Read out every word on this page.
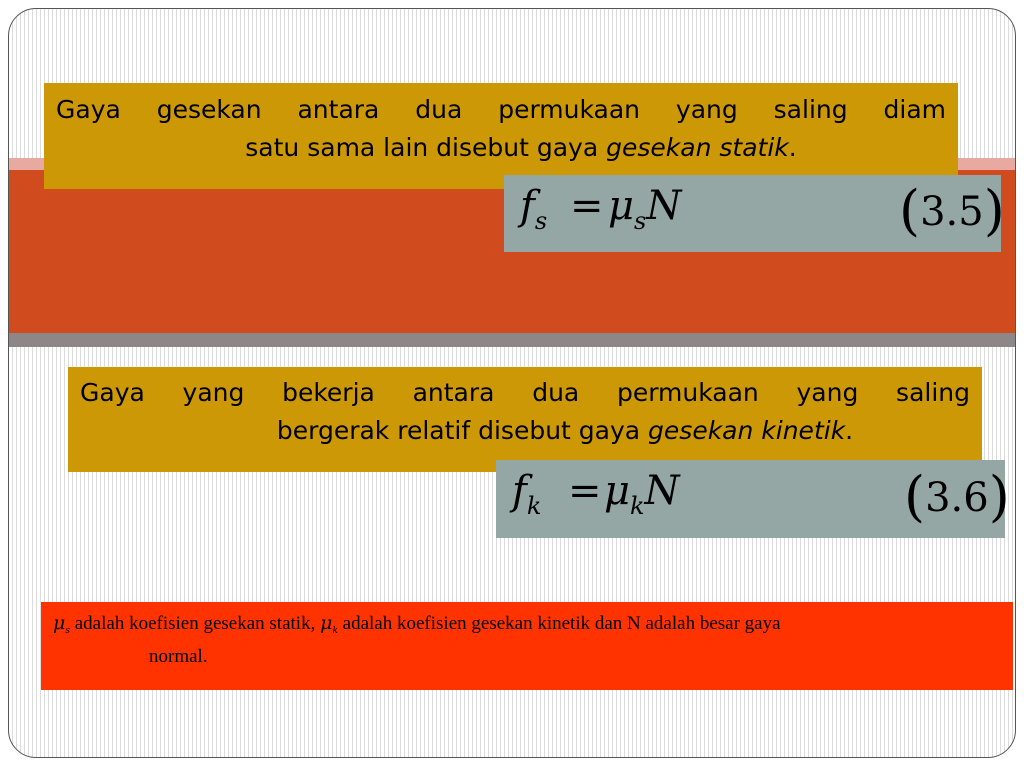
Gaya gesekan antara dua permukaan yang saling diam
satu sama lain disebut gaya gesekan statik.
$f_s = \mu_sN$	(3.5)
Gaya yang bekerja antara dua permukaan yang saling
bergerak relatif disebut gaya gesekan kinetik.
$f_k = \mu_kN$	(3.6)
$\mu_s$ adalah koefisien gesekan statik, $\mu_k$ adalah koefisien gesekan kinetik dan N adalah besar gaya
normal.
